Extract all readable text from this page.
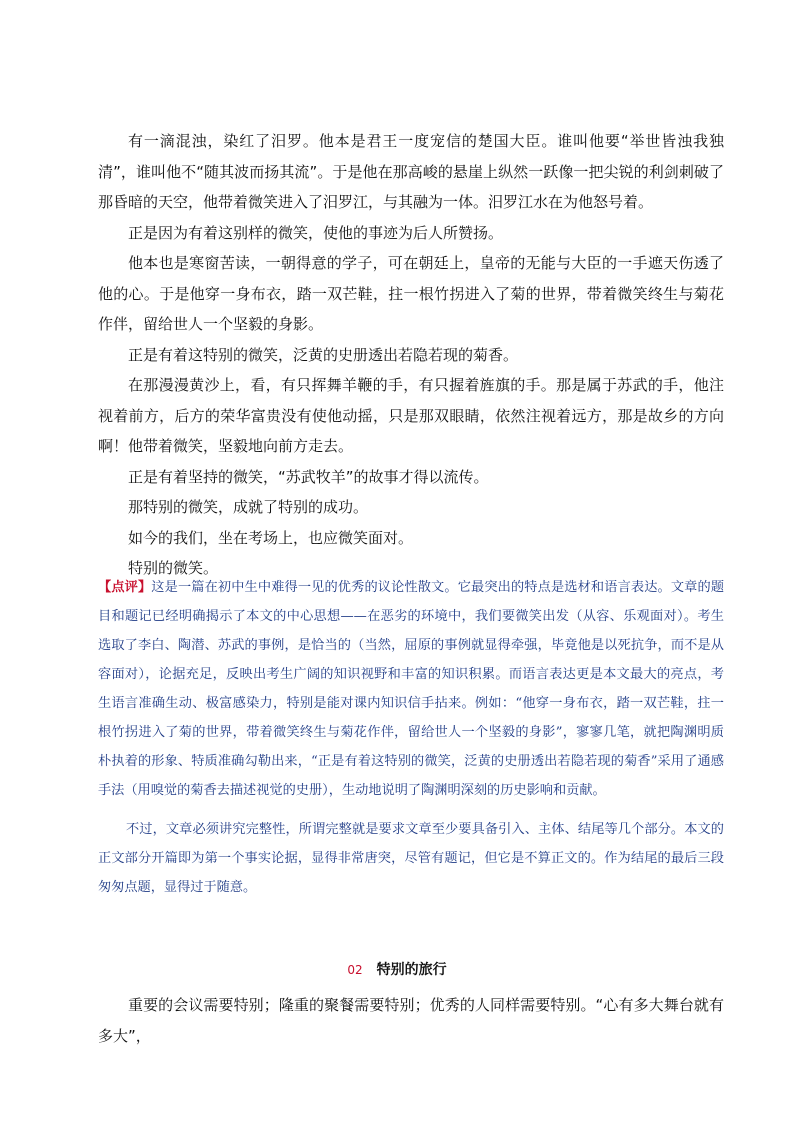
有一滴混浊，染红了汨罗。他本是君王一度宠信的楚国大臣。谁叫他要“举世皆浊我独清”，谁叫他不“随其波而扬其流”。于是他在那高峻的悬崖上纵然一跃像一把尖锐的利剑刺破了那昏暗的天空，他带着微笑进入了汨罗江，与其融为一体。汨罗江水在为他怒号着。

正是因为有着这别样的微笑，使他的事迹为后人所赞扬。

他本也是寒窗苦读，一朝得意的学子，可在朝廷上，皇帝的无能与大臣的一手遮天伤透了他的心。于是他穿一身布衣，踏一双芒鞋，拄一根竹拐进入了菊的世界，带着微笑终生与菊花作伴，留给世人一个坚毅的身影。

正是有着这特别的微笑，泛黄的史册透出若隐若现的菊香。

在那漫漫黄沙上，看，有只挥舞羊鞭的手，有只握着旌旗的手。那是属于苏武的手，他注视着前方，后方的荣华富贵没有使他动摇，只是那双眼睛，依然注视着远方，那是故乡的方向啊！他带着微笑，坚毅地向前方走去。

正是有着坚持的微笑，“苏武牧羊”的故事才得以流传。

那特别的微笑，成就了特别的成功。

如今的我们，坐在考场上，也应微笑面对。

特别的微笑。

【点评】这是一篇在初中生中难得一见的优秀的议论性散文。它最突出的特点是选材和语言表达。文章的题目和题记已经明确揭示了本文的中心思想——在恶劣的环境中，我们要微笑出发（从容、乐观面对）。考生选取了李白、陶潜、苏武的事例，是恰当的（当然，屈原的事例就显得牵强，毕竟他是以死抗争，而不是从容面对），论据充足，反映出考生广阔的知识视野和丰富的知识积累。而语言表达更是本文最大的亮点，考生语言准确生动、极富感染力，特别是能对课内知识信手拈来。例如：“他穿一身布衣，踏一双芒鞋，拄一根竹拐进入了菊的世界，带着微笑终生与菊花作伴，留给世人一个坚毅的身影”，寥寥几笔，就把陶渊明质朴执着的形象、特质准确勾勒出来，“正是有着这特别的微笑，泛黄的史册透出若隐若现的菊香”采用了通感手法（用嗅觉的菊香去描述视觉的史册），生动地说明了陶渊明深刻的历史影响和贡献。

不过，文章必须讲究完整性，所谓完整就是要求文章至少要具备引入、主体、结尾等几个部分。本文的正文部分开篇即为第一个事实论据，显得非常唐突，尽管有题记，但它是不算正文的。作为结尾的最后三段匆匆点题，显得过于随意。

02 特别的旅行

重要的会议需要特别；隆重的聚餐需要特别；优秀的人同样需要特别。“心有多大舞台就有多大”，
